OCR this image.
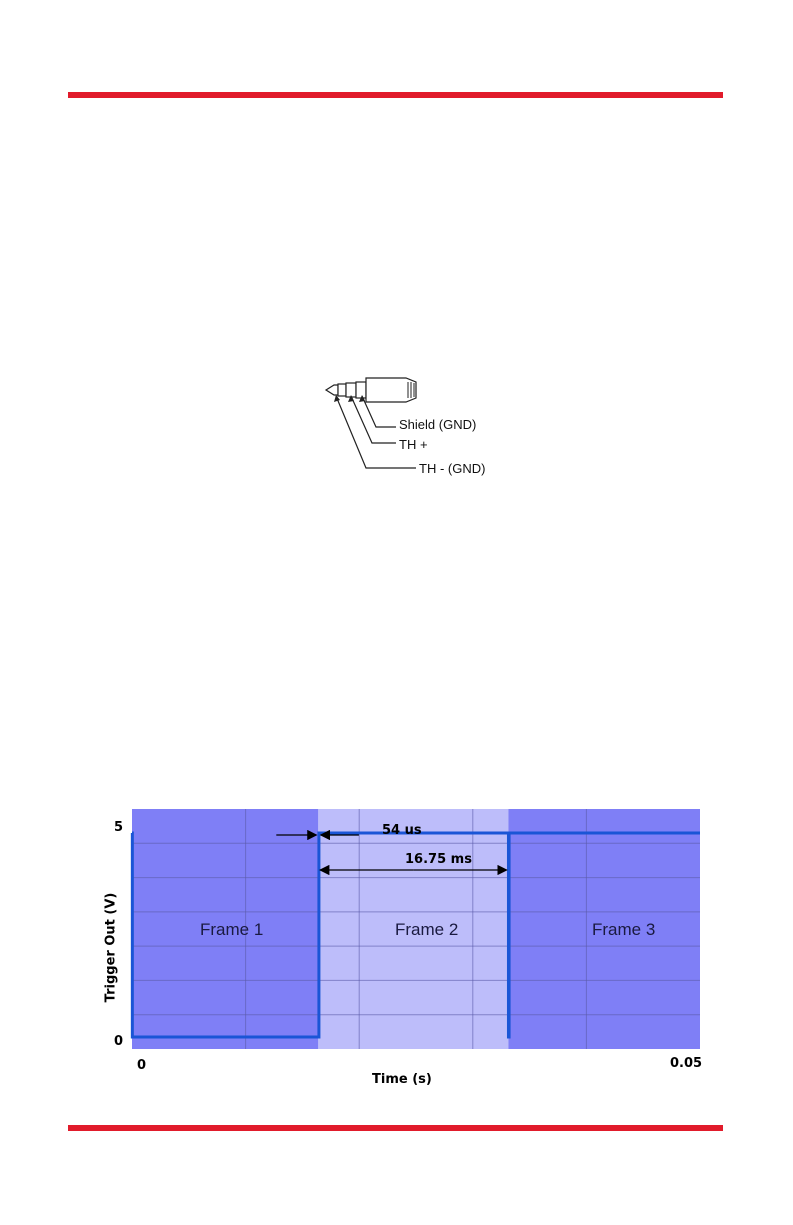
Shield (GND)
TH +
TH - (GND)
5
0
0	0.05
Time (s)
Trigger Out (V)	Frame 1	Frame 2	Frame 3
54 us
16.75 ms
